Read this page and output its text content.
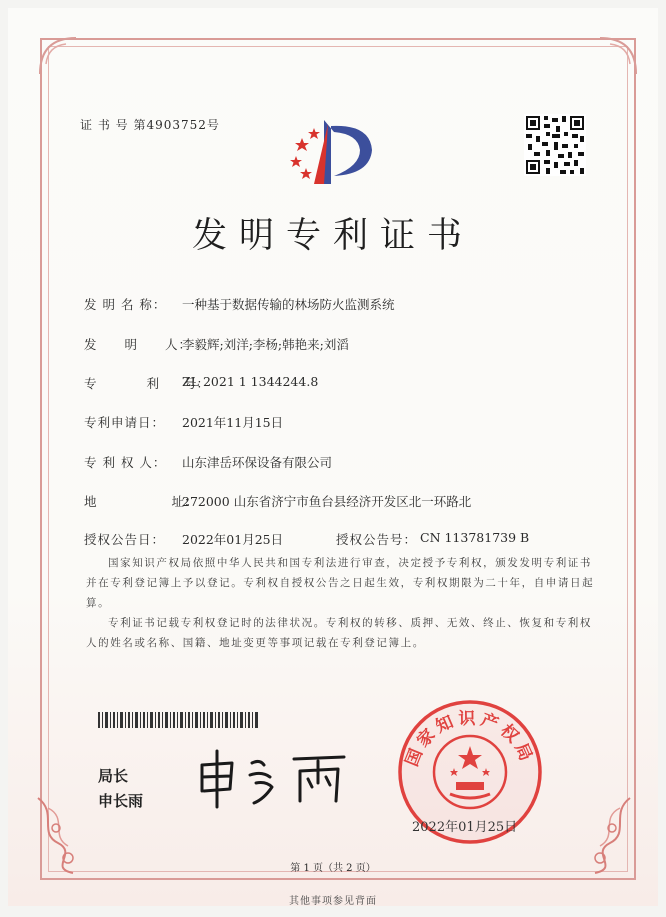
证 书 号 第4903752号
发明专利证书
发 明 名 称： 一种基于数据传输的林场防火监测系统
发　　明　　人：
李毅辉;刘洋;李杨;韩艳来;刘滔
专　　　　利　　号：
ZL 2021 1 1344244.8
专利申请日： 2021年11月15日
专 利 权 人： 山东津岳环保设备有限公司
地　　　　　　址：
272000 山东省济宁市鱼台县经济开发区北一环路北
授权公告日： 2022年01月25日	授权公告号： CN 113781739 B
国家知识产权局依照中华人民共和国专利法进行审查，决定授予专利权，颁发发明专利证书并在专利登记簿上予以登记。专利权自授权公告之日起生效，专利权期限为二十年，自申请日起算。
专利证书记载专利权登记时的法律状况。专利权的转移、质押、无效、终止、恢复和专利权人的姓名或名称、国籍、地址变更等事项记载在专利登记簿上。
局长
申长雨
国家知识产权局
2022年01月25日
第 1 页（共 2 页）
其他事项参见背面
